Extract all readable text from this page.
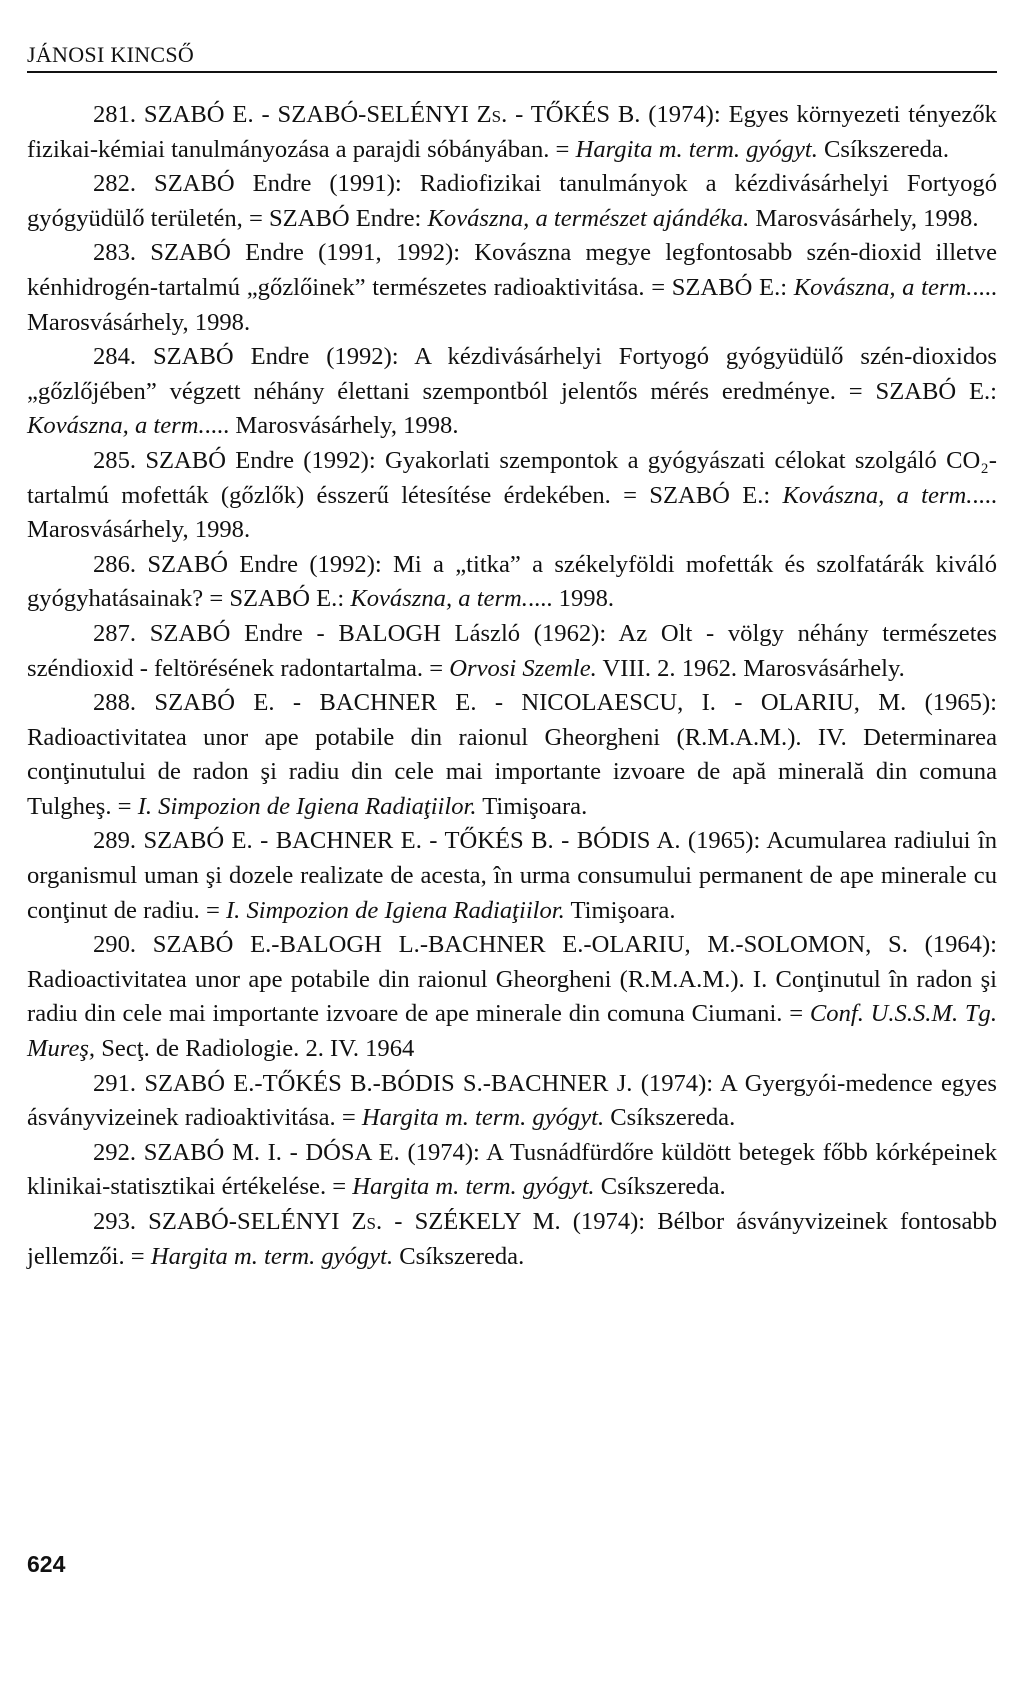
JÁNOSI KINCSŐ

281. SZABÓ E. - SZABÓ-SELÉNYI Zs. - TŐKÉS B. (1974): Egyes környezeti tényezők fizikai-kémiai tanulmányozása a parajdi sóbányában. = Hargita m. term. gyógyt. Csíkszereda.

282. SZABÓ Endre (1991): Radiofizikai tanulmányok a kézdivásárhelyi Fortyogó gyógyüdülő területén, = SZABÓ Endre: Kovászna, a természet ajándéka. Marosvásárhely, 1998.

283. SZABÓ Endre (1991, 1992): Kovászna megye legfontosabb szén-dioxid illetve kénhidrogén-tartalmú „gőzlőinek” természetes radioaktivitása. = SZABÓ E.: Kovászna, a term..... Marosvásárhely, 1998.

284. SZABÓ Endre (1992): A kézdivásárhelyi Fortyogó gyógyüdülő szén-dioxidos „gőzlőjében” végzett néhány élettani szempontból jelentős mérés eredménye. = SZABÓ E.: Kovászna, a term..... Marosvásárhely, 1998.

285. SZABÓ Endre (1992): Gyakorlati szempontok a gyógyászati célokat szolgáló CO₂-tartalmú mofetták (gőzlők) ésszerű létesítése érdekében. = SZABÓ E.: Kovászna, a term..... Marosvásárhely, 1998.

286. SZABÓ Endre (1992): Mi a „titka” a székelyföldi mofetták és szolfatárák kiváló gyógyhatásainak? = SZABÓ E.: Kovászna, a term..... 1998.

287. SZABÓ Endre - BALOGH László (1962): Az Olt - völgy néhány természetes széndioxid - feltörésének radontartalma. = Orvosi Szemle. VIII. 2. 1962. Marosvásárhely.

288. SZABÓ E. - BACHNER E. - NICOLAESCU, I. - OLARIU, M. (1965): Radioactivitatea unor ape potabile din raionul Gheorgheni (R.M.A.M.). IV. Determinarea conţinutului de radon şi radiu din cele mai importante izvoare de apă minerală din comuna Tulgheş. = I. Simpozion de Igiena Radiaţiilor. Timişoara.

289. SZABÓ E. - BACHNER E. - TŐKÉS B. - BÓDIS A. (1965): Acumularea radiului în organismul uman şi dozele realizate de acesta, în urma consumului permanent de ape minerale cu conţinut de radiu. = I. Simpozion de Igiena Radiaţiilor. Timişoara.

290. SZABÓ E.-BALOGH L.-BACHNER E.-OLARIU, M.-SOLOMON, S. (1964): Radioactivitatea unor ape potabile din raionul Gheorgheni (R.M.A.M.). I. Conţinutul în radon şi radiu din cele mai importante izvoare de ape minerale din comuna Ciumani. = Conf. U.S.S.M. Tg. Mureş, Secţ. de Radiologie. 2. IV. 1964

291. SZABÓ E.-TŐKÉS B.-BÓDIS S.-BACHNER J. (1974): A Gyergyói-medence egyes ásványvizeinek radioaktivitása. = Hargita m. term. gyógyt. Csíkszereda.

292. SZABÓ M. I. - DÓSA E. (1974): A Tusnádfürdőre küldött betegek főbb kórképeinek klinikai-statisztikai értékelése. = Hargita m. term. gyógyt. Csíkszereda.

293. SZABÓ-SELÉNYI Zs. - SZÉKELY M. (1974): Bélbor ásványvizeinek fontosabb jellemzői. = Hargita m. term. gyógyt. Csíkszereda.

624
